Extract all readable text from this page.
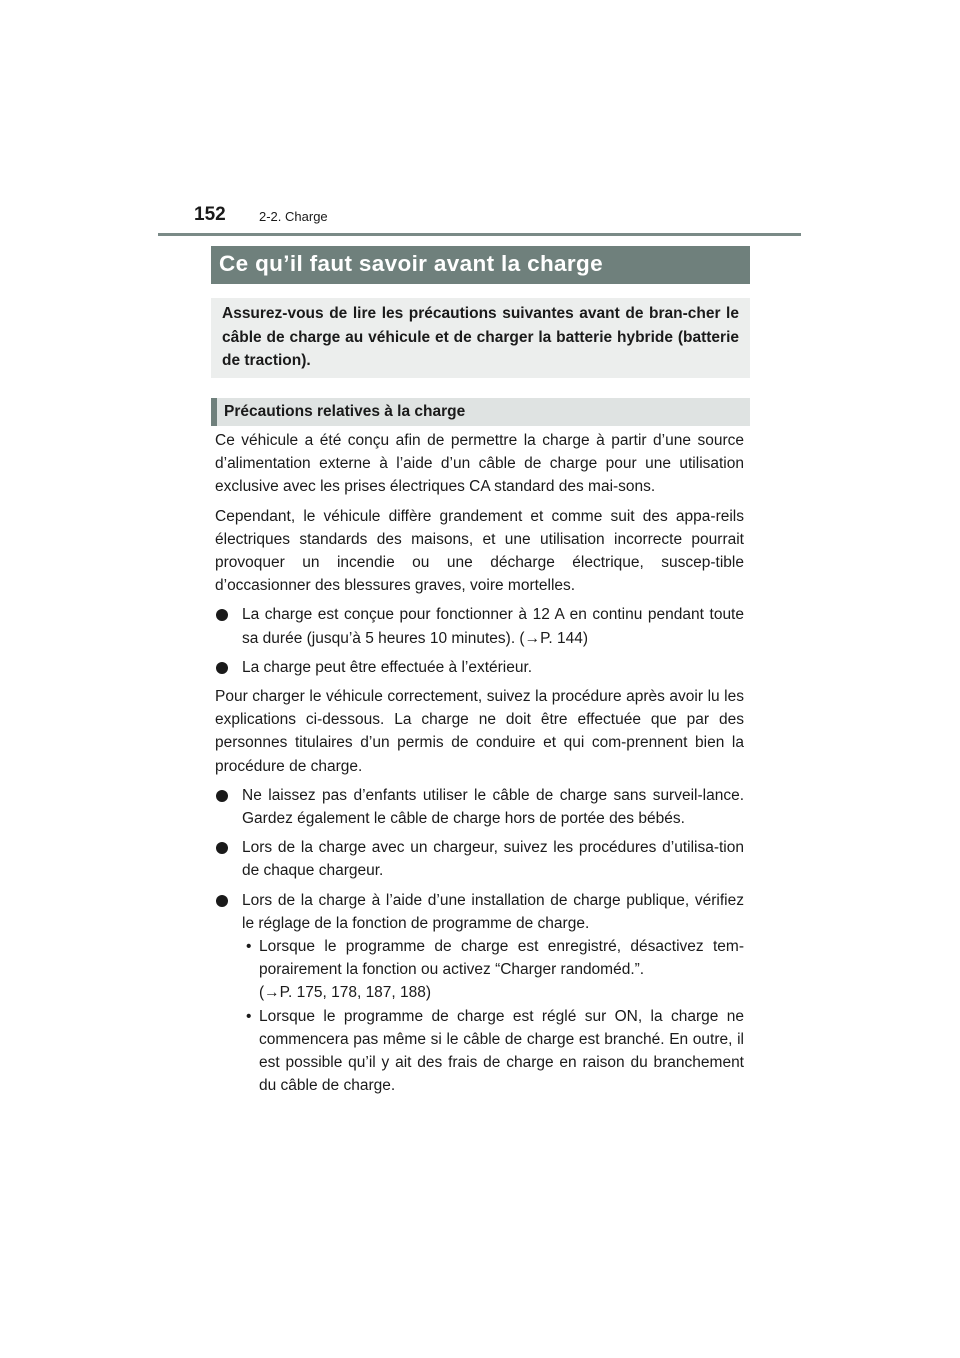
152	2-2. Charge
Ce qu’il faut savoir avant la charge

Assurez-vous de lire les précautions suivantes avant de bran-cher le câble de charge au véhicule et de charger la batterie hybride (batterie de traction).

Précautions relatives à la charge

Ce véhicule a été conçu afin de permettre la charge à partir d’une source d’alimentation externe à l’aide d’un câble de charge pour une utilisation exclusive avec les prises électriques CA standard des mai-sons.

Cependant, le véhicule diffère grandement et comme suit des appa-reils électriques standards des maisons, et une utilisation incorrecte pourrait provoquer un incendie ou une décharge électrique, suscep-tible d’occasionner des blessures graves, voire mortelles.

La charge est conçue pour fonctionner à 12 A en continu pendant toute sa durée (jusqu’à 5 heures 10 minutes). (→P. 144)
La charge peut être effectuée à l’extérieur.

Pour charger le véhicule correctement, suivez la procédure après avoir lu les explications ci-dessous. La charge ne doit être effectuée que par des personnes titulaires d’un permis de conduire et qui com-prennent bien la procédure de charge.

Ne laissez pas d’enfants utiliser le câble de charge sans surveil-lance. Gardez également le câble de charge hors de portée des bébés.
Lors de la charge avec un chargeur, suivez les procédures d’utilisa-tion de chaque chargeur.
Lors de la charge à l’aide d’une installation de charge publique, vérifiez le réglage de la fonction de programme de charge.
• Lorsque le programme de charge est enregistré, désactivez tem-porairement la fonction ou activez “Charger randoméd.”.
(→P. 175, 178, 187, 188)
• Lorsque le programme de charge est réglé sur ON, la charge ne commencera pas même si le câble de charge est branché. En outre, il est possible qu’il y ait des frais de charge en raison du branchement du câble de charge.
